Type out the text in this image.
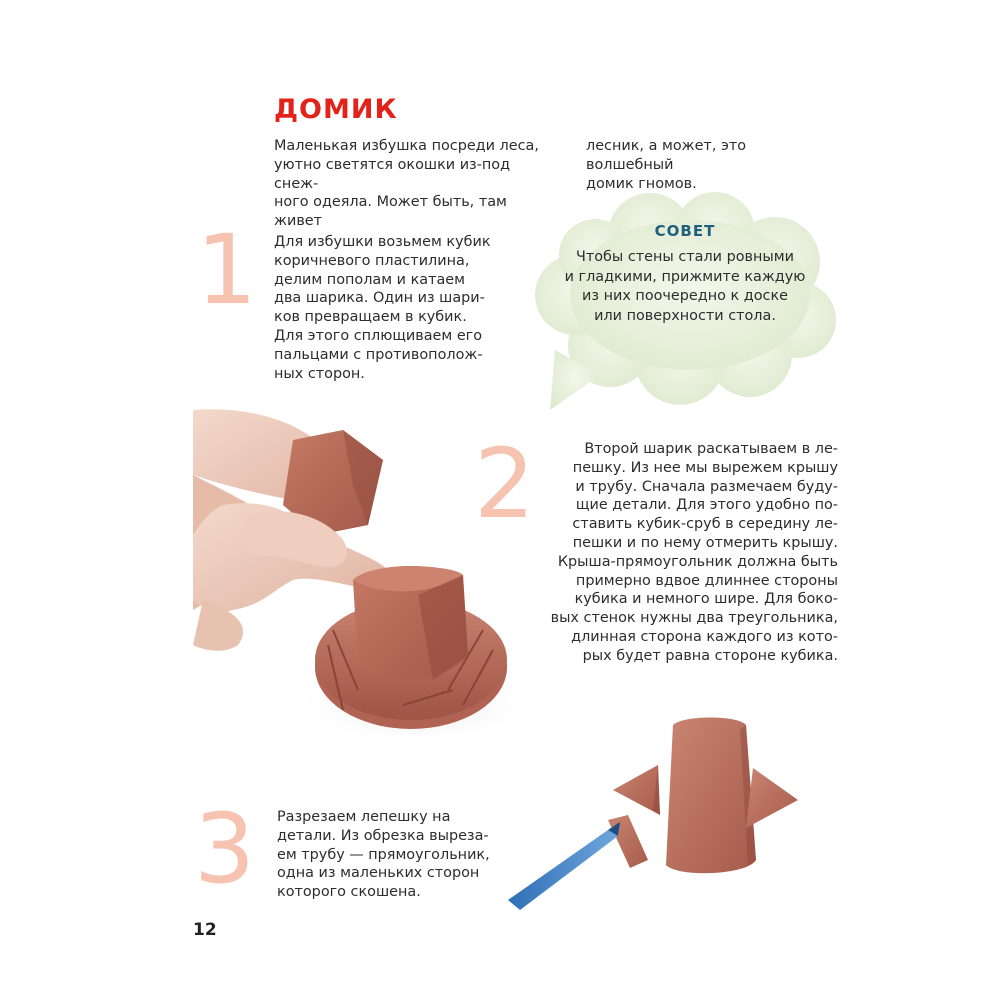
ДОМИК
Маленькая избушка посреди леса,
уютно светятся окошки из-под снеж-
ного одеяла. Может быть, там живет
лесник, а может, это волшебный
домик гномов.
СОВЕТ
Чтобы стены стали ровными
и гладкими, прижмите каждую
из них поочередно к доске
или поверхности стола.
1 Для избушки возьмем кубик
коричневого пластилина,
делим пополам и катаем
два шарика. Один из шари-
ков превращаем в кубик.
Для этого сплющиваем его
пальцами с противополож-
ных сторон.
2	Второй шарик раскатываем в ле-
пешку. Из нее мы вырежем крышу
и трубу. Сначала размечаем буду-
щие детали. Для этого удобно по-
ставить кубик-сруб в середину ле-
пешки и по нему отмерить крышу.
Крыша-прямоугольник должна быть
примерно вдвое длиннее стороны
кубика и немного шире. Для боко-
вых стенок нужны два треугольника,
длинная сторона каждого из кото-
рых будет равна стороне кубика.
3 Разрезаем лепешку на
детали. Из обрезка выреза-
ем трубу — прямоугольник,
одна из маленьких сторон
которого скошена.
12
